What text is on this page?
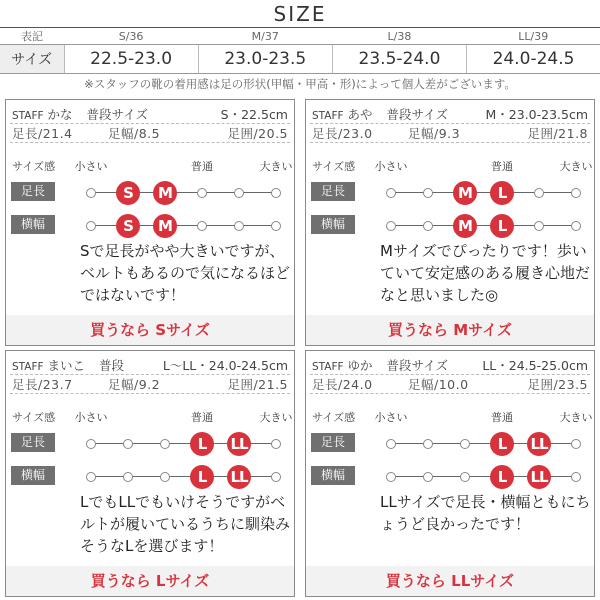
SIZE
表記	S/36	M/37	L/38	LL/39
サイズ	22.5-23.0	23.0-23.5	23.5-24.0	24.0-24.5
※スタッフの靴の着用感は足の形状(甲幅・甲高・形)によって個人差がございます。
STAFF かな 普段サイズ	S・22.5cm
足長/21.4	足幅/8.5	足囲/20.5
サイズ感 小さい	普通	大きい
足長	S	M
横幅	S	M
Sで足長がやや大きいですが、ベルトもあるので気になるほどではないです！
買うなら Sサイズ
STAFF あや 普段サイズ	M・23.0-23.5cm
足長/23.0	足幅/9.3	足囲/21.8
サイズ感 小さい	普通	大きい
足長	M	L
横幅	M	L
Mサイズでぴったりです！歩いていて安定感のある履き心地だなと思いました◎
買うなら Mサイズ
STAFF まいこ 普段	L〜LL・24.0-24.5cm
足長/23.7	足幅/9.2	足囲/21.5
サイズ感 小さい	普通	大きい
足長	L	LL
横幅	L	LL
LでもLLでもいけそうですがベルトが履いているうちに馴染みそうなLを選びます！
買うなら Lサイズ
STAFF ゆか 普段サイズ	LL・24.5-25.0cm
足長/24.0	足幅/10.0	足囲/23.5
サイズ感 小さい	普通	大きい
足長	L	LL
横幅	L	LL
LLサイズで足長・横幅ともにちょうど良かったです！
買うなら LLサイズ
